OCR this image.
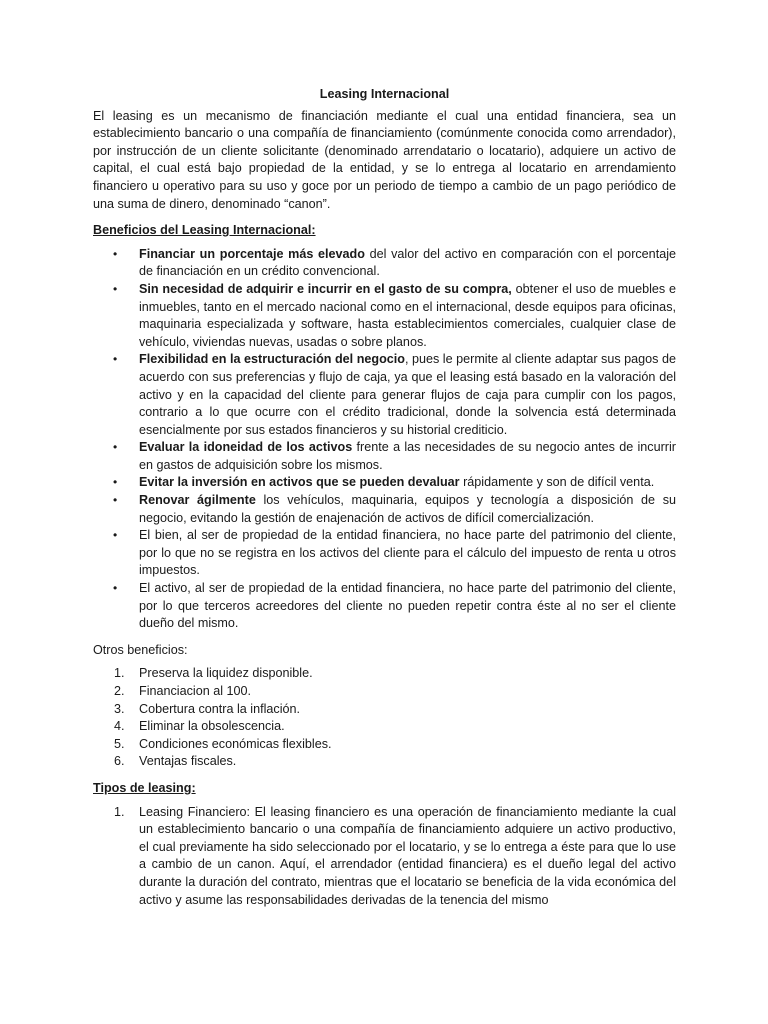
Leasing Internacional

El leasing es un mecanismo de financiación mediante el cual una entidad financiera, sea un establecimiento bancario o una compañía de financiamiento (comúnmente conocida como arrendador), por instrucción de un cliente solicitante (denominado arrendatario o locatario), adquiere un activo de capital, el cual está bajo propiedad de la entidad, y se lo entrega al locatario en arrendamiento financiero u operativo para su uso y goce por un periodo de tiempo a cambio de un pago periódico de una suma de dinero, denominado “canon”.

Beneficios del Leasing Internacional:
• Financiar un porcentaje más elevado del valor del activo en comparación con el porcentaje de financiación en un crédito convencional.
• Sin necesidad de adquirir e incurrir en el gasto de su compra, obtener el uso de muebles e inmuebles, tanto en el mercado nacional como en el internacional, desde equipos para oficinas, maquinaria especializada y software, hasta establecimientos comerciales, cualquier clase de vehículo, viviendas nuevas, usadas o sobre planos.
• Flexibilidad en la estructuración del negocio, pues le permite al cliente adaptar sus pagos de acuerdo con sus preferencias y flujo de caja, ya que el leasing está basado en la valoración del activo y en la capacidad del cliente para generar flujos de caja para cumplir con los pagos, contrario a lo que ocurre con el crédito tradicional, donde la solvencia está determinada esencialmente por sus estados financieros y su historial crediticio.
• Evaluar la idoneidad de los activos frente a las necesidades de su negocio antes de incurrir en gastos de adquisición sobre los mismos.
• Evitar la inversión en activos que se pueden devaluar rápidamente y son de difícil venta.
• Renovar ágilmente los vehículos, maquinaria, equipos y tecnología a disposición de su negocio, evitando la gestión de enajenación de activos de difícil comercialización.
• El bien, al ser de propiedad de la entidad financiera, no hace parte del patrimonio del cliente, por lo que no se registra en los activos del cliente para el cálculo del impuesto de renta u otros impuestos.
• El activo, al ser de propiedad de la entidad financiera, no hace parte del patrimonio del cliente, por lo que terceros acreedores del cliente no pueden repetir contra éste al no ser el cliente dueño del mismo.
Otros beneficios:
1. Preserva la liquidez disponible.
2. Financiacion al 100.
3. Cobertura contra la inflación.
4. Eliminar la obsolescencia.
5. Condiciones económicas flexibles.
6. Ventajas fiscales.
Tipos de leasing:
1. Leasing Financiero: El leasing financiero es una operación de financiamiento mediante la cual un establecimiento bancario o una compañía de financiamiento adquiere un activo productivo, el cual previamente ha sido seleccionado por el locatario, y se lo entrega a éste para que lo use a cambio de un canon. Aquí, el arrendador (entidad financiera) es el dueño legal del activo durante la duración del contrato, mientras que el locatario se beneficia de la vida económica del activo y asume las responsabilidades derivadas de la tenencia del mismo
